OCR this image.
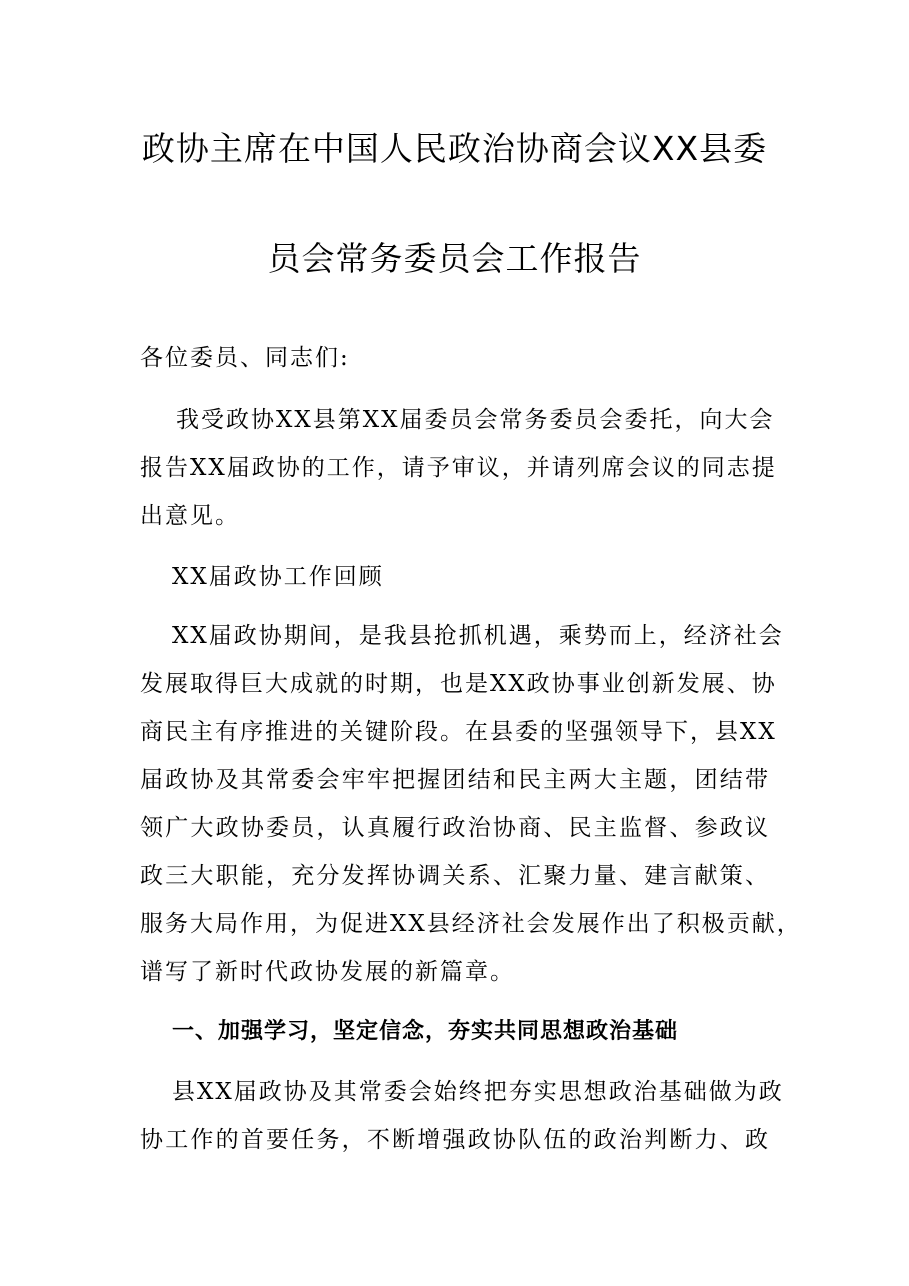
政协主席在中国人民政治协商会议XX县委
员会常务委员会工作报告
各位委员、同志们:
我受政协XX县第XX届委员会常务委员会委托，向大会
报告XX届政协的工作，请予审议，并请列席会议的同志提
出意见。
XX届政协工作回顾
XX届政协期间，是我县抢抓机遇，乘势而上，经济社会
发展取得巨大成就的时期，也是XX政协事业创新发展、协
商民主有序推进的关键阶段。在县委的坚强领导下，县XX
届政协及其常委会牢牢把握团结和民主两大主题，团结带
领广大政协委员，认真履行政治协商、民主监督、参政议
政三大职能，充分发挥协调关系、汇聚力量、建言献策、
服务大局作用，为促进XX县经济社会发展作出了积极贡献，
谱写了新时代政协发展的新篇章。
一、加强学习，坚定信念，夯实共同思想政治基础
县XX届政协及其常委会始终把夯实思想政治基础做为政
协工作的首要任务，不断增强政协队伍的政治判断力、政
